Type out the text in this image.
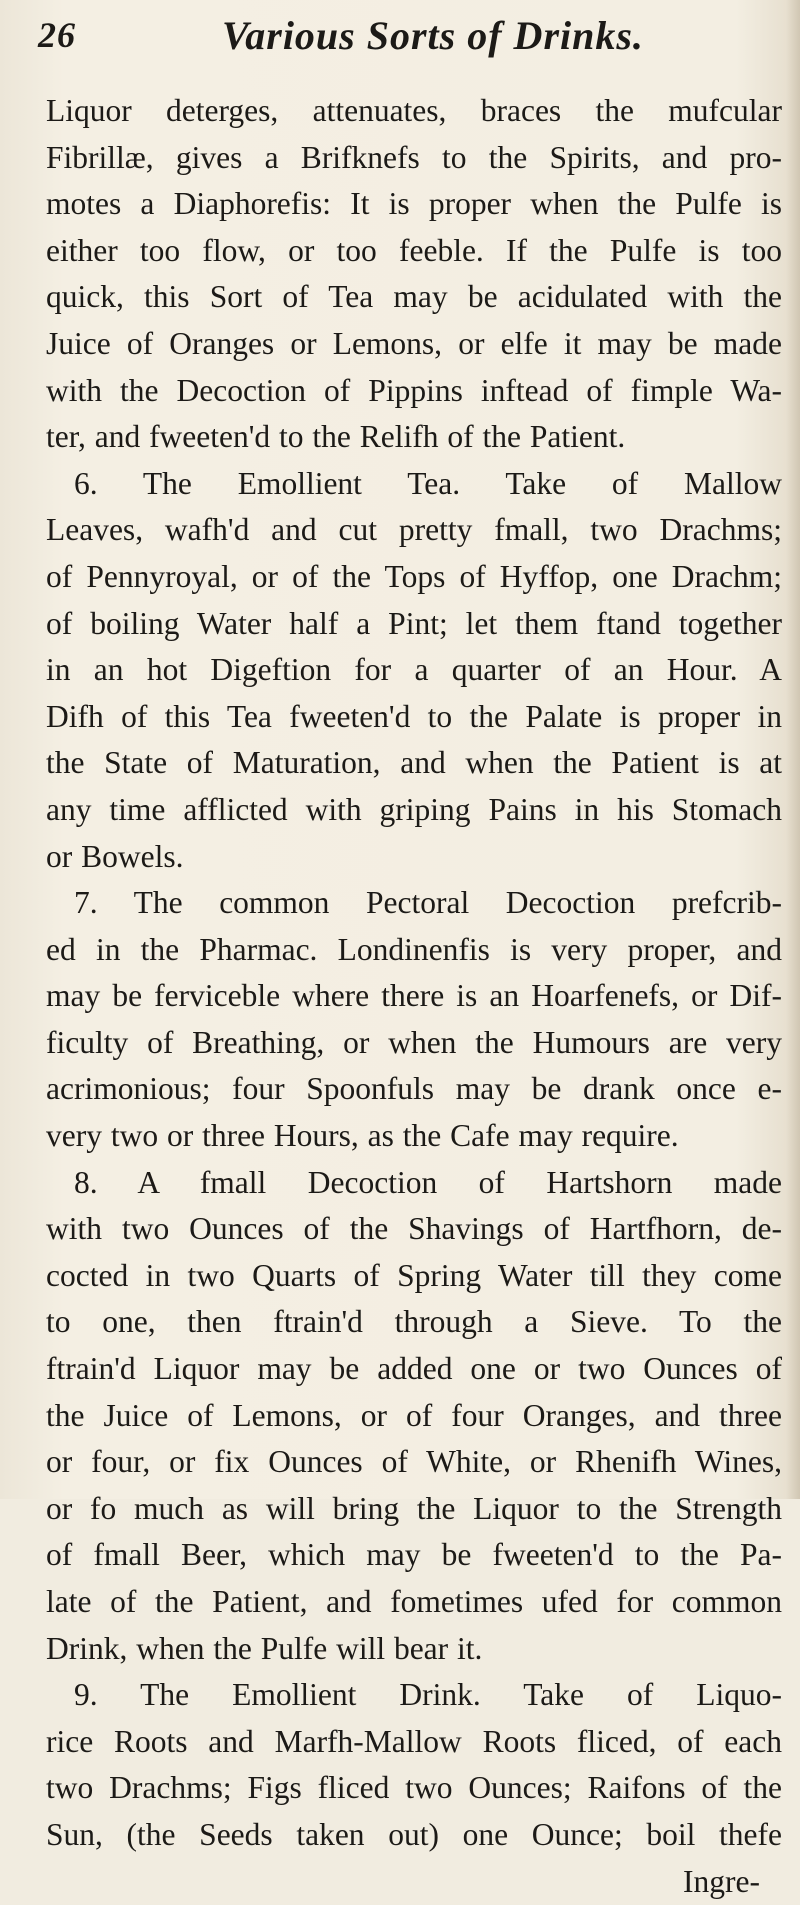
26	Various Sorts of Drinks.
Liquor deterges, attenuates, braces the mufcular
Fibrillæ, gives a Brifknefs to the Spirits, and pro-
motes a Diaphorefis: It is proper when the Pulfe is
either too flow, or too feeble. If the Pulfe is too
quick, this Sort of Tea may be acidulated with the
Juice of Oranges or Lemons, or elfe it may be made
with the Decoction of Pippins inftead of fimple Wa-
ter, and fweeten'd to the Relifh of the Patient.
6. The Emollient Tea. Take of Mallow
Leaves, wafh'd and cut pretty fmall, two Drachms;
of Pennyroyal, or of the Tops of Hyffop, one Drachm;
of boiling Water half a Pint; let them ftand together
in an hot Digeftion for a quarter of an Hour. A
Difh of this Tea fweeten'd to the Palate is proper in
the State of Maturation, and when the Patient is at
any time afflicted with griping Pains in his Stomach
or Bowels.
7. The common Pectoral Decoction prefcrib-
ed in the Pharmac. Londinenfis is very proper, and
may be ferviceble where there is an Hoarfenefs, or Dif-
ficulty of Breathing, or when the Humours are very
acrimonious; four Spoonfuls may be drank once e-
very two or three Hours, as the Cafe may require.
8. A fmall Decoction of Hartshorn made
with two Ounces of the Shavings of Hartfhorn, de-
cocted in two Quarts of Spring Water till they come
to one, then ftrain'd through a Sieve. To the
ftrain'd Liquor may be added one or two Ounces of
the Juice of Lemons, or of four Oranges, and three
or four, or fix Ounces of White, or Rhenifh Wines,
or fo much as will bring the Liquor to the Strength
of fmall Beer, which may be fweeten'd to the Pa-
late of the Patient, and fometimes ufed for common
Drink, when the Pulfe will bear it.
9. The Emollient Drink. Take of Liquo-
rice Roots and Marfh-Mallow Roots fliced, of each
two Drachms; Figs fliced two Ounces; Raifons of the
Sun, (the Seeds taken out) one Ounce; boil thefe
Ingre-
